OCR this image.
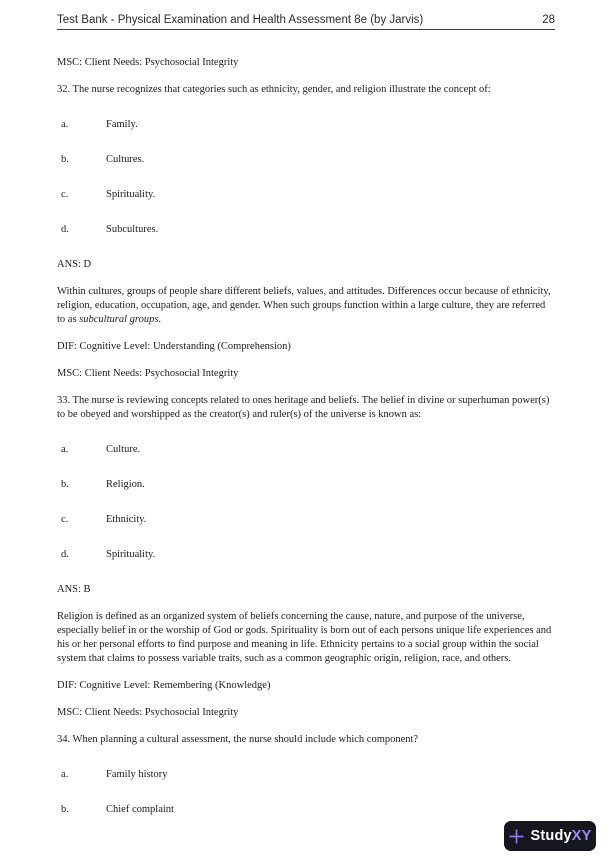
Test Bank - Physical Examination and Health Assessment 8e (by Jarvis)	28

MSC: Client Needs: Psychosocial Integrity

32. The nurse recognizes that categories such as ethnicity, gender, and religion illustrate the concept of:

a.	Family.
b.	Cultures.
c.	Spirituality.
d.	Subcultures.

ANS: D

Within cultures, groups of people share different beliefs, values, and attitudes. Differences occur because of ethnicity, religion, education, occupation, age, and gender. When such groups function within a large culture, they are referred to as subcultural groups.

DIF: Cognitive Level: Understanding (Comprehension)

MSC: Client Needs: Psychosocial Integrity

33. The nurse is reviewing concepts related to ones heritage and beliefs. The belief in divine or superhuman power(s) to be obeyed and worshipped as the creator(s) and ruler(s) of the universe is known as:

a.	Culture.
b.	Religion.
c.	Ethnicity.
d.	Spirituality.

ANS: B

Religion is defined as an organized system of beliefs concerning the cause, nature, and purpose of the universe, especially belief in or the worship of God or gods. Spirituality is born out of each persons unique life experiences and his or her personal efforts to find purpose and meaning in life. Ethnicity pertains to a social group within the social system that claims to possess variable traits, such as a common geographic origin, religion, race, and others.

DIF: Cognitive Level: Remembering (Knowledge)

MSC: Client Needs: Psychosocial Integrity

34. When planning a cultural assessment, the nurse should include which component?

a.	Family history
b.	Chief complaint
StudyXY
